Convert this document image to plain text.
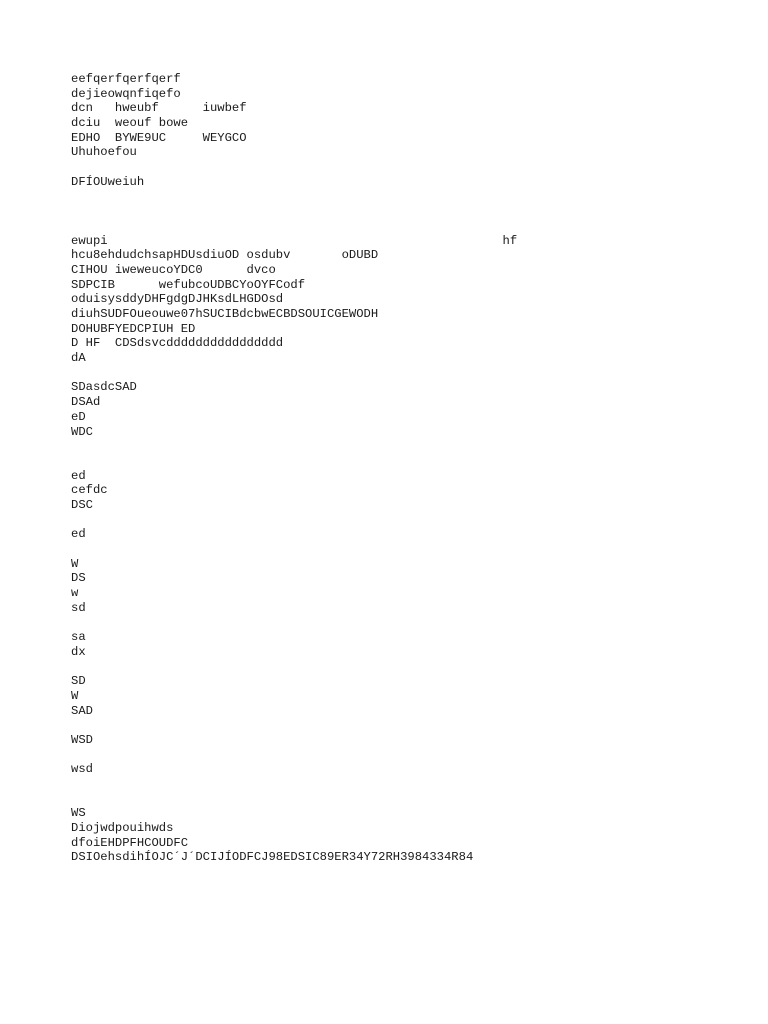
eefqerfqerfqerf
dejieowqnfiqefo
dcn   hweubf      iuwbef
dciu  weouf bowe
EDHO  BYWE9UC     WEYGCO
Uhuhoefou
DFÍOUweiuh
ewupi                                                      hf
hcu8ehdudchsapHDUsdiuOD osdubv       oDUBD
CIHOU iweweucoYDC0      dvco
SDPCIB      wefubcoUDBCYoOYFCodf
oduisysddyDHFgdgDJHKsdLHGDOsd
diuhSUDFOueouwe07hSUCIBdcbwECBDSOUICGEWODH
DOHUBFYEDCPIUH ED
D HF  CDSdsvcdddddddddddddddd
dA
SDasdcSAD
DSAd
eD
WDC
ed
cefdc
DSC
ed
W
DS
w
sd
sa
dx
SD
W
SAD
WSD
wsd
WS
Diojwdpouihwds
dfoiEHDPFHCOUDFC
DSIOehsdihÍOJC´J´DCIJÍODFCJ98EDSIC89ER34Y72RH3984334R84
